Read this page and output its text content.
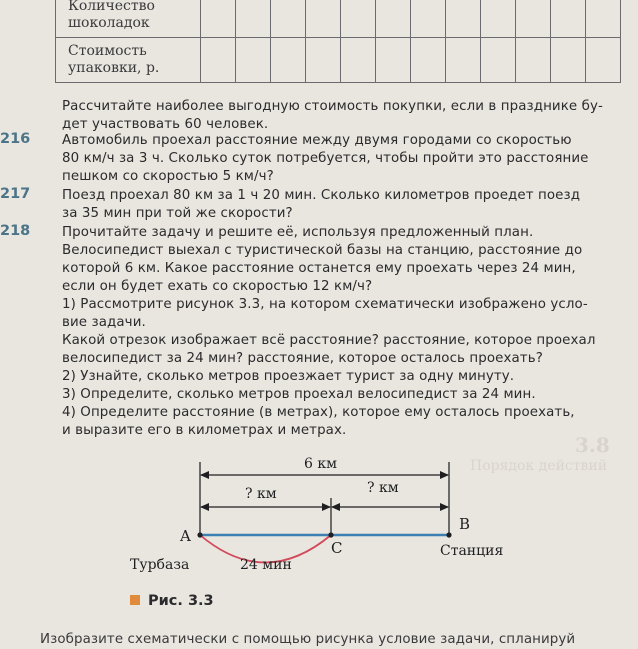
3.8
Порядок действий
Количество шоколадок												
Стоимость упаковки, р.												
Рассчитайте наиболее выгодную стоимость покупки, если в празднике бу-
дет участвовать 60 человек.
216 Автомобиль проехал расстояние между двумя городами со скоростью
80 км/ч за 3 ч. Сколько суток потребуется, чтобы пройти это расстояние
пешком со скоростью 5 км/ч?
217 Поезд проехал 80 км за 1 ч 20 мин. Сколько километров проедет поезд
за 35 мин при той же скорости?
218 Прочитайте задачу и решите её, используя предложенный план.
Велосипедист выехал с туристической базы на станцию, расстояние до
которой 6 км. Какое расстояние останется ему проехать через 24 мин,
если он будет ехать со скоростью 12 км/ч?
1) Рассмотрите рисунок 3.3, на котором схематически изображено усло-
вие задачи.
Какой отрезок изображает всё расстояние? расстояние, которое проехал
велосипедист за 24 мин? расстояние, которое осталось проехать?
2) Узнайте, сколько метров проезжает турист за одну минуту.
3) Определите, сколько метров проехал велосипедист за 24 мин.
4) Определите расстояние (в метрах), которое ему осталось проехать,
и выразите его в километрах и метрах.
6 км
? км	? км
A
B
C
Турбаза	24 мин
Станция
Рис. 3.3
Изобразите схематически с помощью рисунка условие задачи, спланируй
